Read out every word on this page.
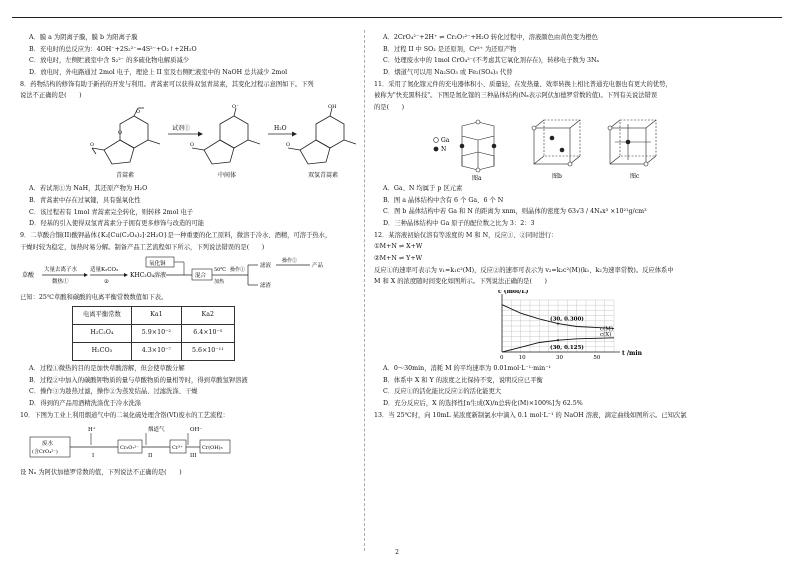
A．膜 a 为阴离子膜，膜 b 为阳离子膜
B．充电时的总反应为：4OH⁻+2S₂²⁻=4S²⁻+O₂↑+2H₂O
C．放电时，左侧贮液室中含 S₂²⁻ 的多硫化物电解质减少
D．放电时，外电路通过 2mol 电子，理论上 II 室及右侧贮液室中的 NaOH 总共减少 2mol
8．药物结构的修饰有助于新药的开发与利用。青蒿素可以获得双氢青蒿素，其变化过程示意图如下。下列
说法不正确的是(　　)
O
O
O
青蒿素
试剂①
O⁻
O
中间体
H₂O
OH
O
双氢青蒿素
A．若试剂①为 NaH，其还原产物为 H₂O
B．青蒿素中存在过氧键，具有强氧化性
C．该过程若有 1mol 青蒿素完全转化，则转移 2mol 电子
D．羟基的引入使得双氢青蒿素分子拥有更多修饰与改造的可能
9．二草酸合铜(II)酸钾晶体{K₂[Cu(C₂O₄)₂]·2H₂O}是一种重要的化工原料，微溶于冷水、酒精，可溶于热水，
干燥时较为稳定，加热时易分解。制备产品工艺流程如下所示，下列说法错误的是(　　)
草酸
大量去离子水
微热①
适量K₂CO₃
②
KHC₂O₄溶液
氧化铜
混合
50℃
加热
操作①
滤液
滤渣
操作②
产品
已知：25℃草酸和碳酸的电离平衡常数数值如下表。
电离平衡常数	Ka1	Ka2
H₂C₂O₄	5.9×10⁻²	6.4×10⁻⁵
H₂CO₃	4.3×10⁻⁷	5.6×10⁻¹¹
A．过程①微热的目的是加快草酸溶解，但会使草酸分解
B．过程②中加入的碳酸钾物质的量与草酸物质的量相等时，得到草酸氢钾溶液
C．操作③为趁热过滤，操作②为蒸发结晶、过滤洗涤、干燥
D．得到的产品用酒精洗涤优于冷水洗涤
10．下图为工业上利用烟道气中的二氧化硫处理含铬(VI)废水的工艺流程：
H⁺	烟道气	OH⁻
废水
(含CrO₄²⁻)
I
Cr₂O₇²⁻
II
Cr³⁺
III
Cr(OH)₃
设 Nₐ 为阿伏加德罗常数的值，下列说法不正确的是(　　)
A．2CrO₄²⁻+2H⁺ ⇌ Cr₂O₇²⁻+H₂O 转化过程中，溶液颜色由黄色变为橙色
B．过程 II 中 SO₂ 是还原剂，Cr³⁺ 为还原产物
C．处理废水中的 1mol CrO₄²⁻(不考虑其它氧化剂存在)，转移电子数为 3Nₐ
D．烟道气可以用 Na₂SO₃ 或 Fe₂(SO₄)₃ 代替
11．采用了氮化镓元件的充电器体积小、质量轻，在发热量、效率转换上相比普通充电器也有更大的优势，
被称为"快充黑科技"。下图是氮化镓的三种晶体结构(Nₐ表示阿伏加德罗常数的值)。下列有关说法错误
的是(　　)
Ga
N
图a	图b	图c
A．Ga、N 均属于 p 区元素
B．图 a 晶体结构中含有 6 个 Ga、6 个 N
C．图 b 晶体结构中若 Ga 和 N 的距离为 xnm，则晶体的密度为 63√3 / 4Nₐx³ ×10²¹g/cm³
D．三种晶体结构中 Ga 原子的配位数之比为 3：2：3
12．某溶液初始仅溶有等浓度的 M 和 N，反应①、②同时进行：
①M+N ⇌ X+W
②M+N ⇌ Y+W
反应①的速率可表示为 v₁=k₁c²(M)，反应②的速率可表示为 v₂=k₂c²(M)(k₁、k₂为速率常数)。反应体系中
M 和 X 的浓度随时间变化如图所示。下列说法正确的是(　　)
c (mol/L)
t /min
0	10	30	50
c(M)
c(X)
(30, 0.300)
(30, 0.125)
A．0～30min，消耗 M 的平均速率为 0.01mol·L⁻¹·min⁻¹
B．体系中 X 和 Y 的浓度之比保持不变，说明反应已平衡
C．反应①的活化能比反应②的活化能更大
D．充分反应后，X 的选择性[n生成(X)/n总转化(M)×100%]为 62.5%
13．当 25℃时，向 10mL 某浓度新制氯水中滴入 0.1 mol·L⁻¹ 的 NaOH 溶液，滴定曲线如图所示。已知次氯
2
